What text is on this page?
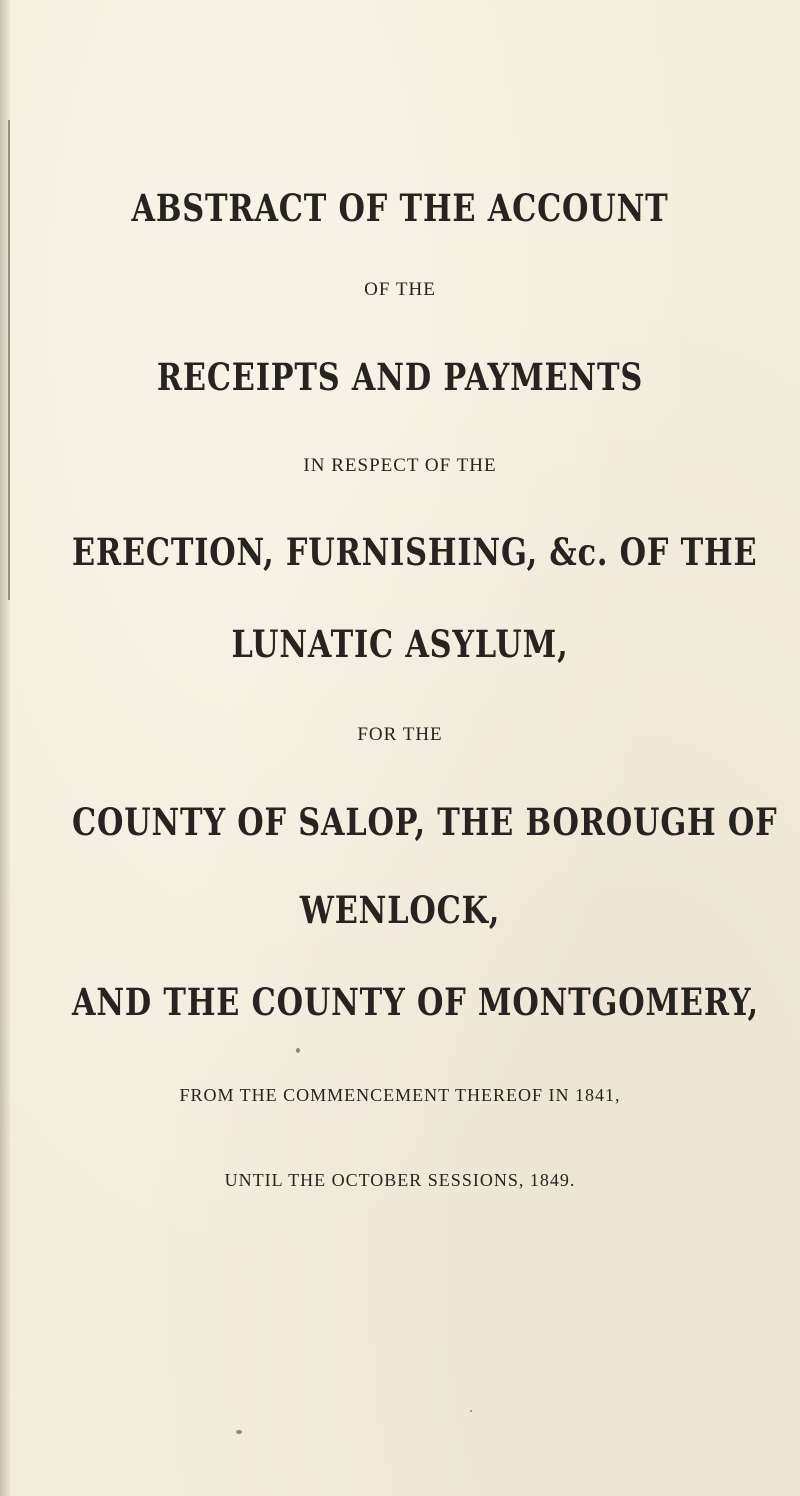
ABSTRACT OF THE ACCOUNT

OF THE

RECEIPTS AND PAYMENTS

IN RESPECT OF THE

ERECTION, FURNISHING, &c. OF THE

LUNATIC ASYLUM,

FOR THE

COUNTY OF SALOP, THE BOROUGH OF

WENLOCK,

AND THE COUNTY OF MONTGOMERY,

FROM THE COMMENCEMENT THEREOF IN 1841,

UNTIL THE OCTOBER SESSIONS, 1849.
